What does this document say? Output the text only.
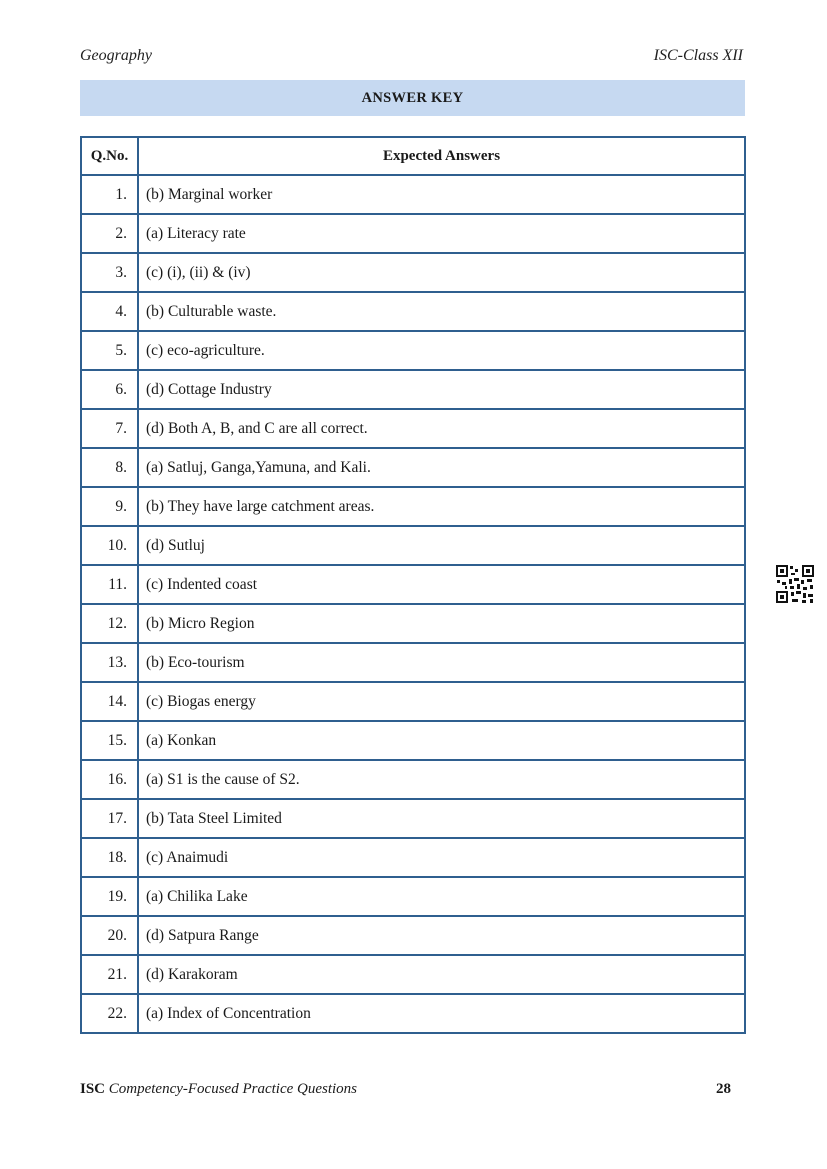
Geography	ISC-Class XII
ANSWER KEY
Q.No.	Expected Answers
1.	(b) Marginal worker
2.	(a) Literacy rate
3.	(c) (i), (ii) & (iv)
4.	(b) Culturable waste.
5.	(c) eco-agriculture.
6.	(d) Cottage Industry
7.	(d) Both A, B, and C are all correct.
8.	(a) Satluj, Ganga,Yamuna, and Kali.
9.	(b) They have large catchment areas.
10.	(d) Sutluj
11.	(c) Indented coast
12.	(b) Micro Region
13.	(b) Eco-tourism
14.	(c) Biogas energy
15.	(a) Konkan
16.	(a) S1 is the cause of S2.
17.	(b) Tata Steel Limited
18.	(c) Anaimudi
19.	(a) Chilika Lake
20.	(d) Satpura Range
21.	(d) Karakoram
22.	(a) Index of Concentration
ISC Competency-Focused Practice Questions	28
